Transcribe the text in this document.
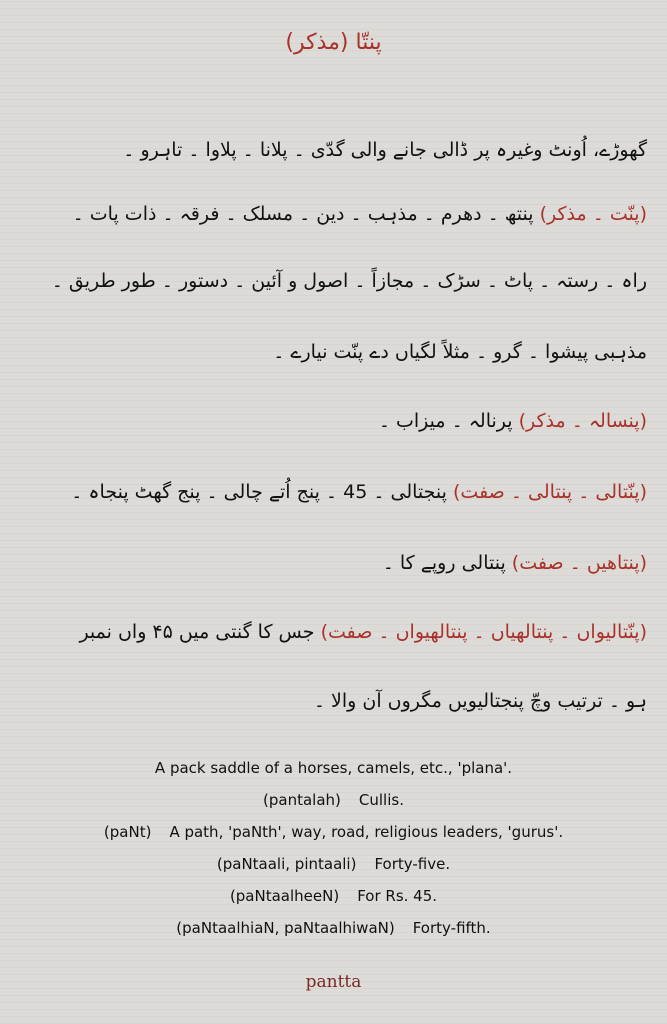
پنتّا (مذکر)
گھوڑے، اُونٹ وغیرہ پر ڈالی جانے والی گدّی ۔ پلانا ۔ پلاوا ۔ تاہرو ۔
(پنّت ۔ مذکر) پنتھ ۔ دھرم ۔ مذہب ۔ دین ۔ مسلک ۔ فرقہ ۔ ذات پات ۔
راہ ۔ رستہ ۔ پاٹ ۔ سڑک ۔ مجازاً ۔ اصول و آئین ۔ دستور ۔ طور طریق ۔
مذہبی پیشوا ۔ گرو ۔ مثلاً لگیاں دے پنّت نیارے ۔
(پنسالہ ۔ مذکر) پرنالہ ۔ میزاب ۔
(پنّتالی ۔ پنتالی ۔ صفت) پنجتالی ۔ 45 ۔ پنج اُتے چالی ۔ پنج گھٹ پنجاہ ۔
(پنتاھیں ۔ صفت) پنتالی روپے کا ۔
(پنّتالیواں ۔ پنتالھیاں ۔ پنتالھیواں ۔ صفت) جس کا گنتی میں ۴۵ واں نمبر
ہو ۔ ترتیب وچّ پنجتالیویں مگروں آن والا ۔

A pack saddle of a horses, camels, etc., 'plana'.

(pantalah) Cullis.

(paNt) A path, 'paNth', way, road, religious leaders, 'gurus'.

(paNtaali, pintaali) Forty-five.

(paNtaalheeN) For Rs. 45.

(paNtaalhiaN, paNtaalhiwaN) Forty-fifth.

pantta
